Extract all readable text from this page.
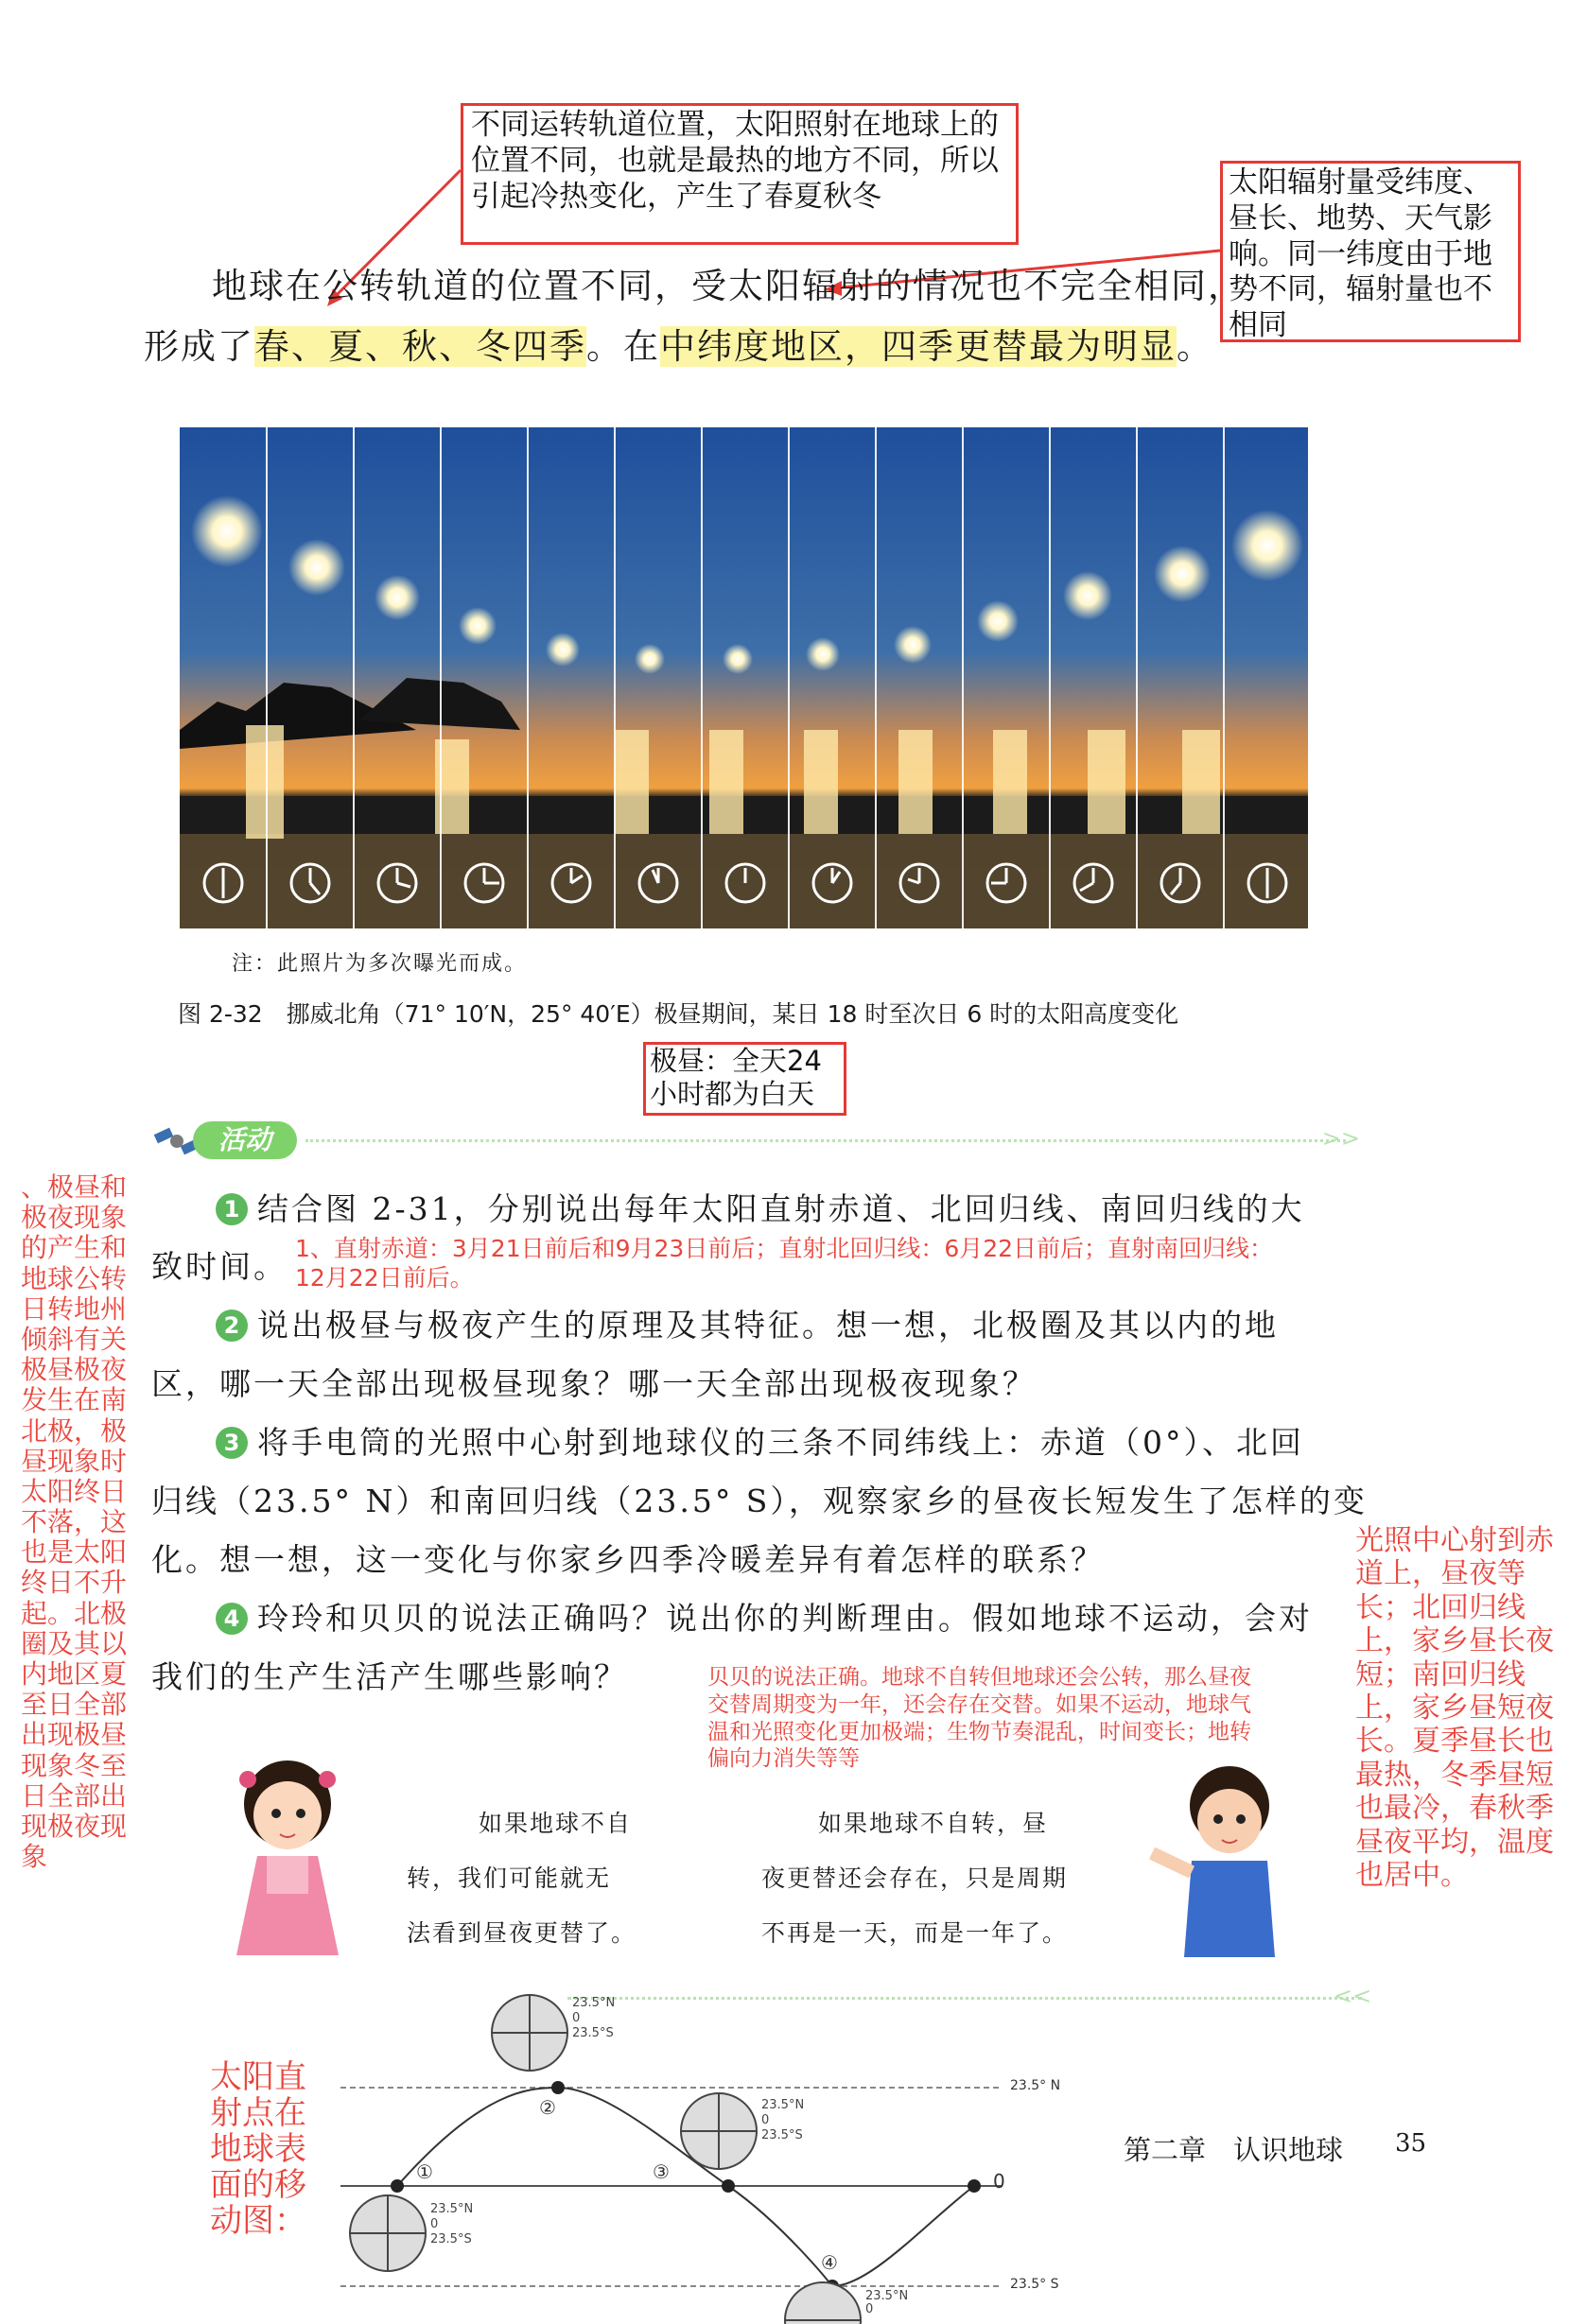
不同运转轨道位置，太阳照射在地球上的位置不同，也就是最热的地方不同，所以引起冷热变化，产生了春夏秋冬	太阳辐射量受纬度、昼长、地势、天气影响。同一纬度由于地势不同，辐射量也不相同
地球在公转轨道的位置不同，受太阳辐射的情况也不完全相同，
形成了春、夏、秋、冬四季。在中纬度地区，四季更替最为明显。
注：此照片为多次曝光而成。
图 2-32　挪威北角（71° 10′N，25° 40′E）极昼期间，某日 18 时至次日 6 时的太阳高度变化
极昼：全天24小时都为白天
活动	>>
、极昼和极夜现象的产生和地球公转日转地州倾斜有关极昼极夜发生在南北极，极昼现象时太阳终日不落，这也是太阳终日不升起。北极圈及其以内地区夏至日全部出现极昼现象冬至日全部出现极夜现象
1 结合图 2-31，分别说出每年太阳直射赤道、北回归线、南回归线的大
致时间。 1、直射赤道：3月21日前后和9月23日前后；直射北回归线：6月22日前后；直射南回归线：12月22日前后。
2 说出极昼与极夜产生的原理及其特征。想一想，北极圈及其以内的地
区，哪一天全部出现极昼现象？哪一天全部出现极夜现象？
3 将手电筒的光照中心射到地球仪的三条不同纬线上：赤道（0°）、北回
归线（23.5° N）和南回归线（23.5° S），观察家乡的昼夜长短发生了怎样的变
化。想一想，这一变化与你家乡四季冷暖差异有着怎样的联系？
4 玲玲和贝贝的说法正确吗？说出你的判断理由。假如地球不运动，会对
我们的生产生活产生哪些影响？	贝贝的说法正确。地球不自转但地球还会公转，那么昼夜交替周期变为一年，还会存在交替。如果不运动，地球气温和光照变化更加极端；生物节奏混乱，时间变长；地转偏向力消失等等
光照中心射到赤道上，昼夜等长；北回归线上，家乡昼长夜短；南回归线上，家乡昼短夜长。夏季昼长也最热，冬季昼短也最冷，春秋季昼夜平均，温度也居中。
如果地球不自
转，我们可能就无
法看到昼夜更替了。
如果地球不自转，昼
夜更替还会存在，只是周期
不再是一天，而是一年了。
<<
太阳直射点在地球表面的移动图：
①
②
③
④
0
23.5° N
23.5° S
23.5°N
0
23.5°S
23.5°N
0
23.5°S
23.5°N
0
23.5°S
23.5°N
0
第二章　认识地球 35
